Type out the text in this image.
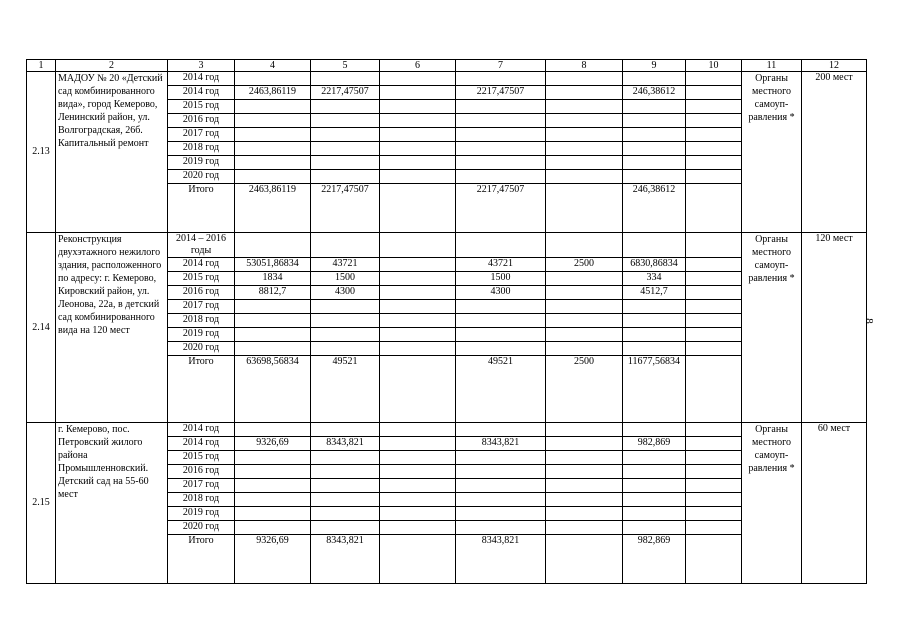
1	2	3	4	5	6	7	8	9	10	11	12
2.13	МАДОУ № 20 «Детский сад комбинированного вида», город Кемерово, Ленинский район, ул. Волгоградская, 26б. Капитальный ремонт	2014 год								Органы местного самоуп-равления *	200 мест
		2014 год	2463,86119	2217,47507		2217,47507		246,38612			
		2015 год									
		2016 год									
		2017 год									
		2018 год									
		2019 год									
		2020 год									
		Итого	2463,86119	2217,47507		2217,47507		246,38612			
2.14	Реконструкция двухэтажного нежилого здания, расположенного по адресу: г. Кемерово, Кировский район, ул. Леонова, 22а, в детский сад комбинированного вида на 120 мест	2014 – 2016 годы								Органы местного самоуп-равления *	120 мест
		2014 год	53051,86834	43721		43721	2500	6830,86834			
		2015 год	1834	1500		1500		334			
		2016 год	8812,7	4300		4300		4512,7			
		2017 год									
		2018 год									
		2019 год									
		2020 год									
		Итого	63698,56834	49521		49521	2500	11677,56834			
2.15	г. Кемерово, пос. Петровский жилого района Промышленновский. Детский сад на 55-60 мест	2014 год								Органы местного самоуп-равления *	60 мест
		2014 год	9326,69	8343,821		8343,821		982,869			
		2015 год									
		2016 год									
		2017 год									
		2018 год									
		2019 год									
		2020 год									
		Итого	9326,69	8343,821		8343,821		982,869			
8
